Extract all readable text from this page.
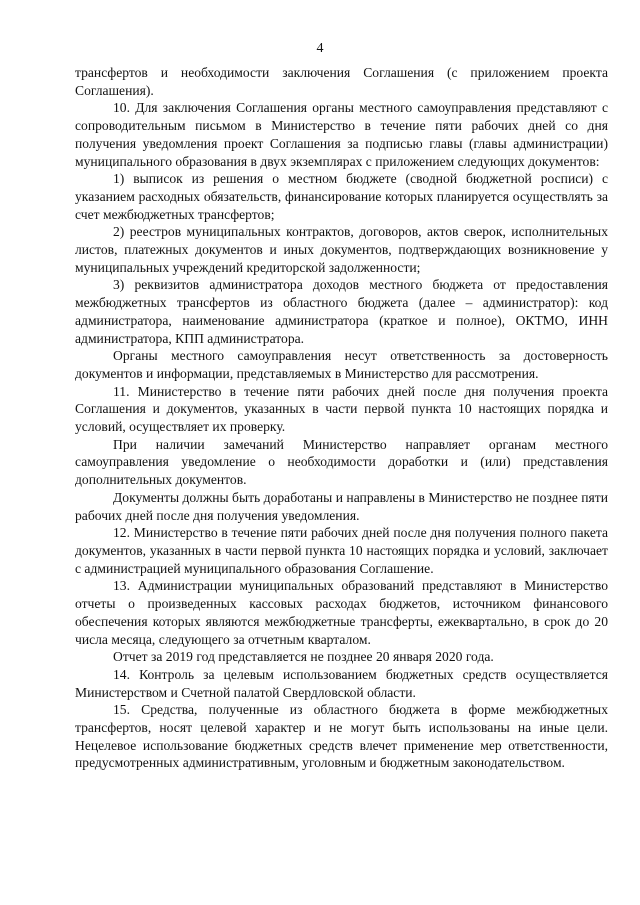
4

трансфертов и необходимости заключения Соглашения (с приложением проекта Соглашения).

10. Для заключения Соглашения органы местного самоуправления представляют с сопроводительным письмом в Министерство в течение пяти рабочих дней со дня получения уведомления проект Соглашения за подписью главы (главы администрации) муниципального образования в двух экземплярах с приложением следующих документов:

1) выписок из решения о местном бюджете (сводной бюджетной росписи) с указанием расходных обязательств, финансирование которых планируется осуществлять за счет межбюджетных трансфертов;

2) реестров муниципальных контрактов, договоров, актов сверок, исполнительных листов, платежных документов и иных документов, подтверждающих возникновение у муниципальных учреждений кредиторской задолженности;

3) реквизитов администратора доходов местного бюджета от предоставления межбюджетных трансфертов из областного бюджета (далее – администратор): код администратора, наименование администратора (краткое и полное), ОКТМО, ИНН администратора, КПП администратора.

Органы местного самоуправления несут ответственность за достоверность документов и информации, представляемых в Министерство для рассмотрения.

11. Министерство в течение пяти рабочих дней после дня получения проекта Соглашения и документов, указанных в части первой пункта 10 настоящих порядка и условий, осуществляет их проверку.

При наличии замечаний Министерство направляет органам местного самоуправления уведомление о необходимости доработки и (или) представления дополнительных документов.

Документы должны быть доработаны и направлены в Министерство не позднее пяти рабочих дней после дня получения уведомления.

12. Министерство в течение пяти рабочих дней после дня получения полного пакета документов, указанных в части первой пункта 10 настоящих порядка и условий, заключает с администрацией муниципального образования Соглашение.

13. Администрации муниципальных образований представляют в Министерство отчеты о произведенных кассовых расходах бюджетов, источником финансового обеспечения которых являются межбюджетные трансферты, ежеквартально, в срок до 20 числа месяца, следующего за отчетным кварталом.

Отчет за 2019 год представляется не позднее 20 января 2020 года.

14. Контроль за целевым использованием бюджетных средств осуществляется Министерством и Счетной палатой Свердловской области.

15. Средства, полученные из областного бюджета в форме межбюджетных трансфертов, носят целевой характер и не могут быть использованы на иные цели. Нецелевое использование бюджетных средств влечет применение мер ответственности, предусмотренных административным, уголовным и бюджетным законодательством.
